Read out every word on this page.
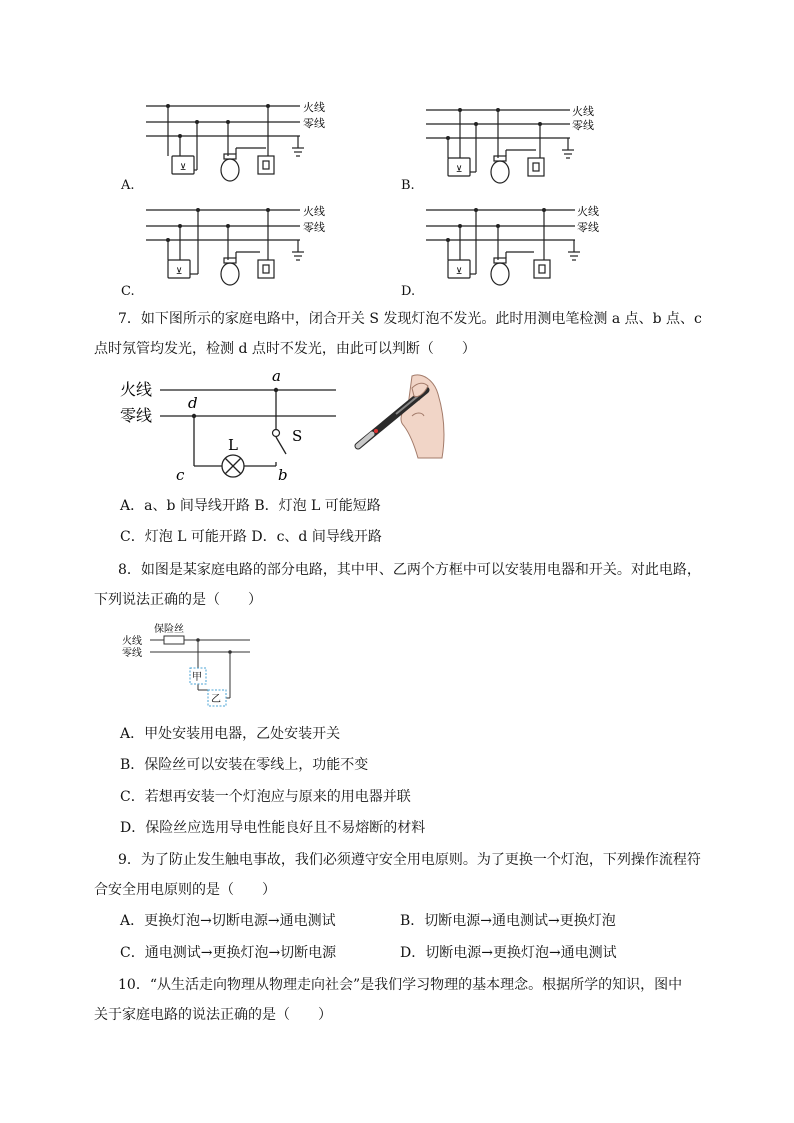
⊻
火线
零线
A.
⊻
火线
零线
B.
⊻
火线
零线
C.
⊻
火线
零线
D.
7．如下图所示的家庭电路中，闭合开关 S 发现灯泡不发光。此时用测电笔检测 a 点、b 点、c
点时氖管均发光，检测 d 点时不发光，由此可以判断（　　）
火线
零线
a
d
c	b
L	S
A．a、b 间导线开路 B．灯泡 L 可能短路
C．灯泡 L 可能开路 D．c、d 间导线开路
8．如图是某家庭电路的部分电路，其中甲、乙两个方框中可以安装用电器和开关。对此电路，
下列说法正确的是（　　）
保险丝
火线
零线
甲
乙
A．甲处安装用电器，乙处安装开关
B．保险丝可以安装在零线上，功能不变
C．若想再安装一个灯泡应与原来的用电器并联
D．保险丝应选用导电性能良好且不易熔断的材料
9．为了防止发生触电事故，我们必须遵守安全用电原则。为了更换一个灯泡，下列操作流程符
合安全用电原则的是（　　）
A．更换灯泡→切断电源→通电测试	B．切断电源→通电测试→更换灯泡
C．通电测试→更换灯泡→切断电源	D．切断电源→更换灯泡→通电测试
10．“从生活走向物理从物理走向社会”是我们学习物理的基本理念。根据所学的知识，图中
关于家庭电路的说法正确的是（　　）
